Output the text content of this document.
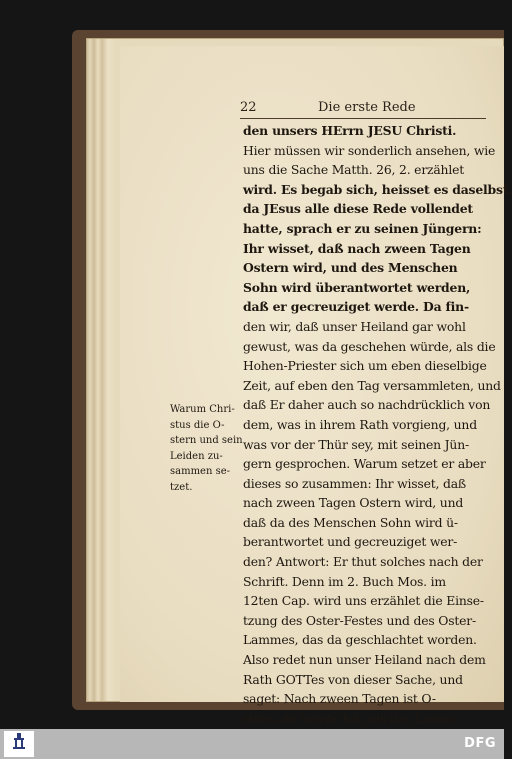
22	Die erste Rede
den unsers HErrn JESU Christi.
Hier müssen wir sonderlich ansehen, wie
uns die Sache Matth. 26, 2. erzählet
wird. Es begab sich, heisset es daselbst,
da JEsus alle diese Rede vollendet
hatte, sprach er zu seinen Jüngern:
Ihr wisset, daß nach zween Tagen
Ostern wird, und des Menschen
Sohn wird überantwortet werden,
daß er gecreuziget werde. Da fin-
den wir, daß unser Heiland gar wohl
gewust, was da geschehen würde, als die
Hohen-Priester sich um eben dieselbige
Zeit, auf eben den Tag versammleten, und
daß Er daher auch so nachdrücklich von
dem, was in ihrem Rath vorgieng, und
was vor der Thür sey, mit seinen Jün-
gern gesprochen. Warum setzet er aber
dieses so zusammen: Ihr wisset, daß
nach zween Tagen Ostern wird, und
daß da des Menschen Sohn wird ü-
berantwortet und gecreuziget wer-
den? Antwort: Er thut solches nach der
Schrift. Denn im 2. Buch Mos. im
12ten Cap. wird uns erzählet die Einse-
tzung des Oster-Festes und des Oster-
Lammes, das da geschlachtet worden.
Also redet nun unser Heiland nach dem
Rath GOTTes von dieser Sache, und
saget: Nach zween Tagen ist O-
stern, da werde Ich, als das Lamm
Warum Chri-
stus die O-
stern und sein
Leiden zu-
sammen se-
tzet.
DFG
